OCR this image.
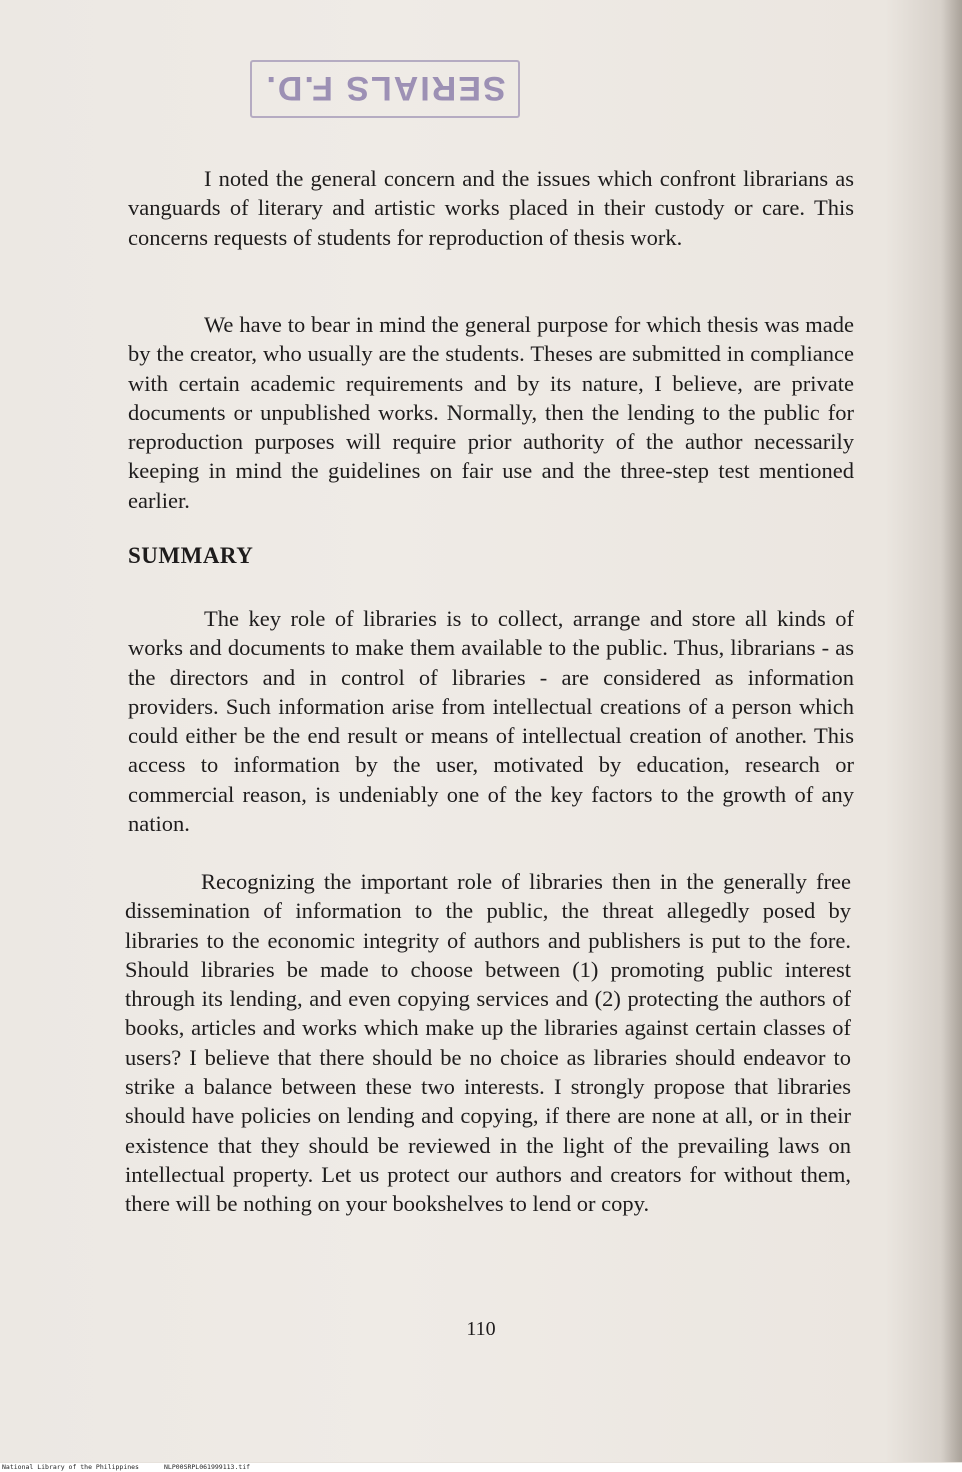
SERIALS F.D.

I noted the general concern and the issues which confront librarians as vanguards of literary and artistic works placed in their custody or care. This concerns requests of students for reproduction of thesis work.

We have to bear in mind the general purpose for which thesis was made by the creator, who usually are the students. Theses are submitted in compliance with certain academic requirements and by its nature, I believe, are private documents or unpublished works. Normally, then the lending to the public for reproduction purposes will require prior authority of the author necessarily keeping in mind the guidelines on fair use and the three-step test mentioned earlier.

SUMMARY

The key role of libraries is to collect, arrange and store all kinds of works and documents to make them available to the public. Thus, librarians - as the directors and in control of libraries - are considered as information providers. Such information arise from intellectual creations of a person which could either be the end result or means of intellectual creation of another. This access to information by the user, motivated by education, research or commercial reason, is undeniably one of the key factors to the growth of any nation.

Recognizing the important role of libraries then in the generally free dissemination of information to the public, the threat allegedly posed by libraries to the economic integrity of authors and publishers is put to the fore. Should libraries be made to choose between (1) promoting public interest through its lending, and even copying services and (2) protecting the authors of books, articles and works which make up the libraries against certain classes of users? I believe that there should be no choice as libraries should endeavor to strike a balance between these two interests. I strongly propose that libraries should have policies on lending and copying, if there are none at all, or in their existence that they should be reviewed in the light of the prevailing laws on intellectual property. Let us protect our authors and creators for without them, there will be nothing on your bookshelves to lend or copy.

110
National Library of the Philippines	NLP00SRPL061999113.tif
